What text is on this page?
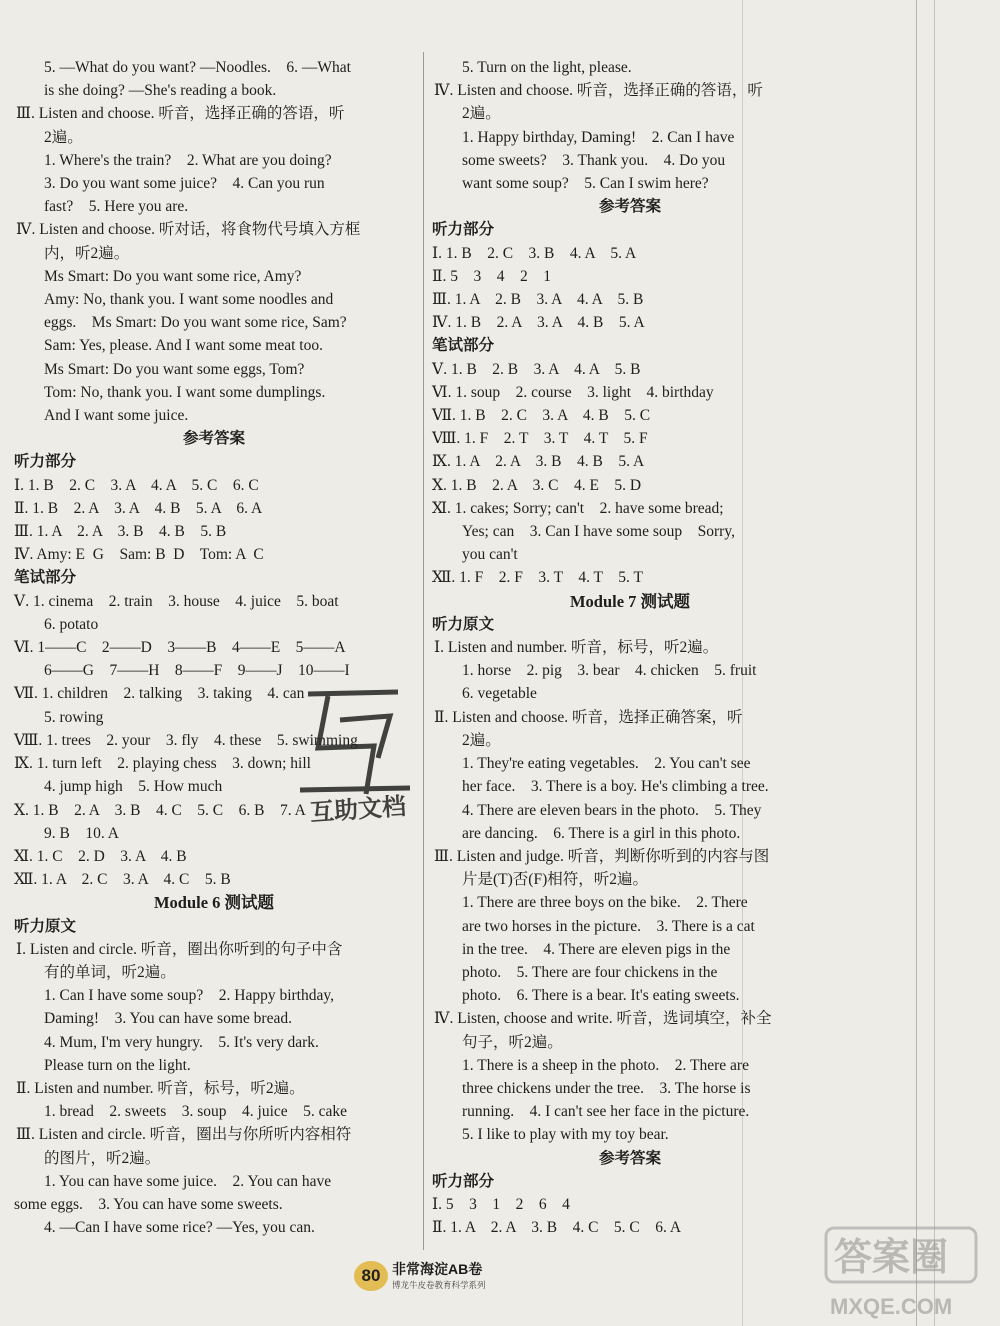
5. —What do you want? —Noodles.    6. —What
is she doing? —She's reading a book.
Ⅲ. Listen and choose. 听音，选择正确的答语，听
2遍。
1. Where's the train?    2. What are you doing?
3. Do you want some juice?    4. Can you run
fast?    5. Here you are.
Ⅳ. Listen and choose. 听对话，将食物代号填入方框
内，听2遍。
Ms Smart: Do you want some rice, Amy?
Amy: No, thank you. I want some noodles and
eggs.    Ms Smart: Do you want some rice, Sam?
Sam: Yes, please. And I want some meat too.
Ms Smart: Do you want some eggs, Tom?
Tom: No, thank you. I want some dumplings.
And I want some juice.
参考答案
听力部分
Ⅰ. 1. B    2. C    3. A    4. A    5. C    6. C
Ⅱ. 1. B    2. A    3. A    4. B    5. A    6. A
Ⅲ. 1. A    2. A    3. B    4. B    5. B
Ⅳ. Amy: E  G    Sam: B  D    Tom: A  C
笔试部分
Ⅴ. 1. cinema    2. train    3. house    4. juice    5. boat
6. potato
Ⅵ. 1——C    2——D    3——B    4——E    5——A
6——G    7——H    8——F    9——J    10——I
Ⅶ. 1. children    2. talking    3. taking    4. can
5. rowing
Ⅷ. 1. trees    2. your    3. fly    4. these    5. swimming
Ⅸ. 1. turn left    2. playing chess    3. down; hill
4. jump high    5. How much
Ⅹ. 1. B    2. A    3. B    4. C    5. C    6. B    7. A
9. B    10. A
Ⅺ. 1. C    2. D    3. A    4. B
Ⅻ. 1. A    2. C    3. A    4. C    5. B
Module 6 测试题
听力原文
Ⅰ. Listen and circle. 听音，圈出你听到的句子中含
有的单词，听2遍。
1. Can I have some soup?    2. Happy birthday,
Daming!    3. You can have some bread.
4. Mum, I'm very hungry.    5. It's very dark.
Please turn on the light.
Ⅱ. Listen and number. 听音，标号，听2遍。
1. bread    2. sweets    3. soup    4. juice    5. cake
Ⅲ. Listen and circle. 听音，圈出与你所听内容相符
的图片，听2遍。
1. You can have some juice.    2. You can have
some eggs.    3. You can have some sweets.
4. —Can I have some rice? —Yes, you can.
5. Turn on the light, please.
Ⅳ. Listen and choose. 听音，选择正确的答语，听
2遍。
1. Happy birthday, Daming!    2. Can I have
some sweets?    3. Thank you.    4. Do you
want some soup?    5. Can I swim here?
参考答案
听力部分
Ⅰ. 1. B    2. C    3. B    4. A    5. A
Ⅱ. 5    3    4    2    1
Ⅲ. 1. A    2. B    3. A    4. A    5. B
Ⅳ. 1. B    2. A    3. A    4. B    5. A
笔试部分
Ⅴ. 1. B    2. B    3. A    4. A    5. B
Ⅵ. 1. soup    2. course    3. light    4. birthday
Ⅶ. 1. B    2. C    3. A    4. B    5. C
Ⅷ. 1. F    2. T    3. T    4. T    5. F
Ⅸ. 1. A    2. A    3. B    4. B    5. A
Ⅹ. 1. B    2. A    3. C    4. E    5. D
Ⅺ. 1. cakes; Sorry; can't    2. have some bread;
Yes; can    3. Can I have some soup    Sorry,
you can't
Ⅻ. 1. F    2. F    3. T    4. T    5. T
Module 7 测试题
听力原文
Ⅰ. Listen and number. 听音，标号，听2遍。
1. horse    2. pig    3. bear    4. chicken    5. fruit
6. vegetable
Ⅱ. Listen and choose. 听音，选择正确答案，听
2遍。
1. They're eating vegetables.    2. You can't see
her face.    3. There is a boy. He's climbing a tree.
4. There are eleven bears in the photo.    5. They
are dancing.    6. There is a girl in this photo.
Ⅲ. Listen and judge. 听音，判断你听到的内容与图
片是(T)否(F)相符，听2遍。
1. There are three boys on the bike.    2. There
are two horses in the picture.    3. There is a cat
in the tree.    4. There are eleven pigs in the
photo.    5. There are four chickens in the
photo.    6. There is a bear. It's eating sweets.
Ⅳ. Listen, choose and write. 听音，选词填空，补全
句子，听2遍。
1. There is a sheep in the photo.    2. There are
three chickens under the tree.    3. The horse is
running.    4. I can't see her face in the picture.
5. I like to play with my toy bear.
参考答案
听力部分
Ⅰ. 5    3    1    2    6    4
Ⅱ. 1. A    2. A    3. B    4. C    5. C    6. A
互助文档
答案圈
MXQE.COM
80 非常海淀AB卷
博龙牛皮卷教育科学系列
